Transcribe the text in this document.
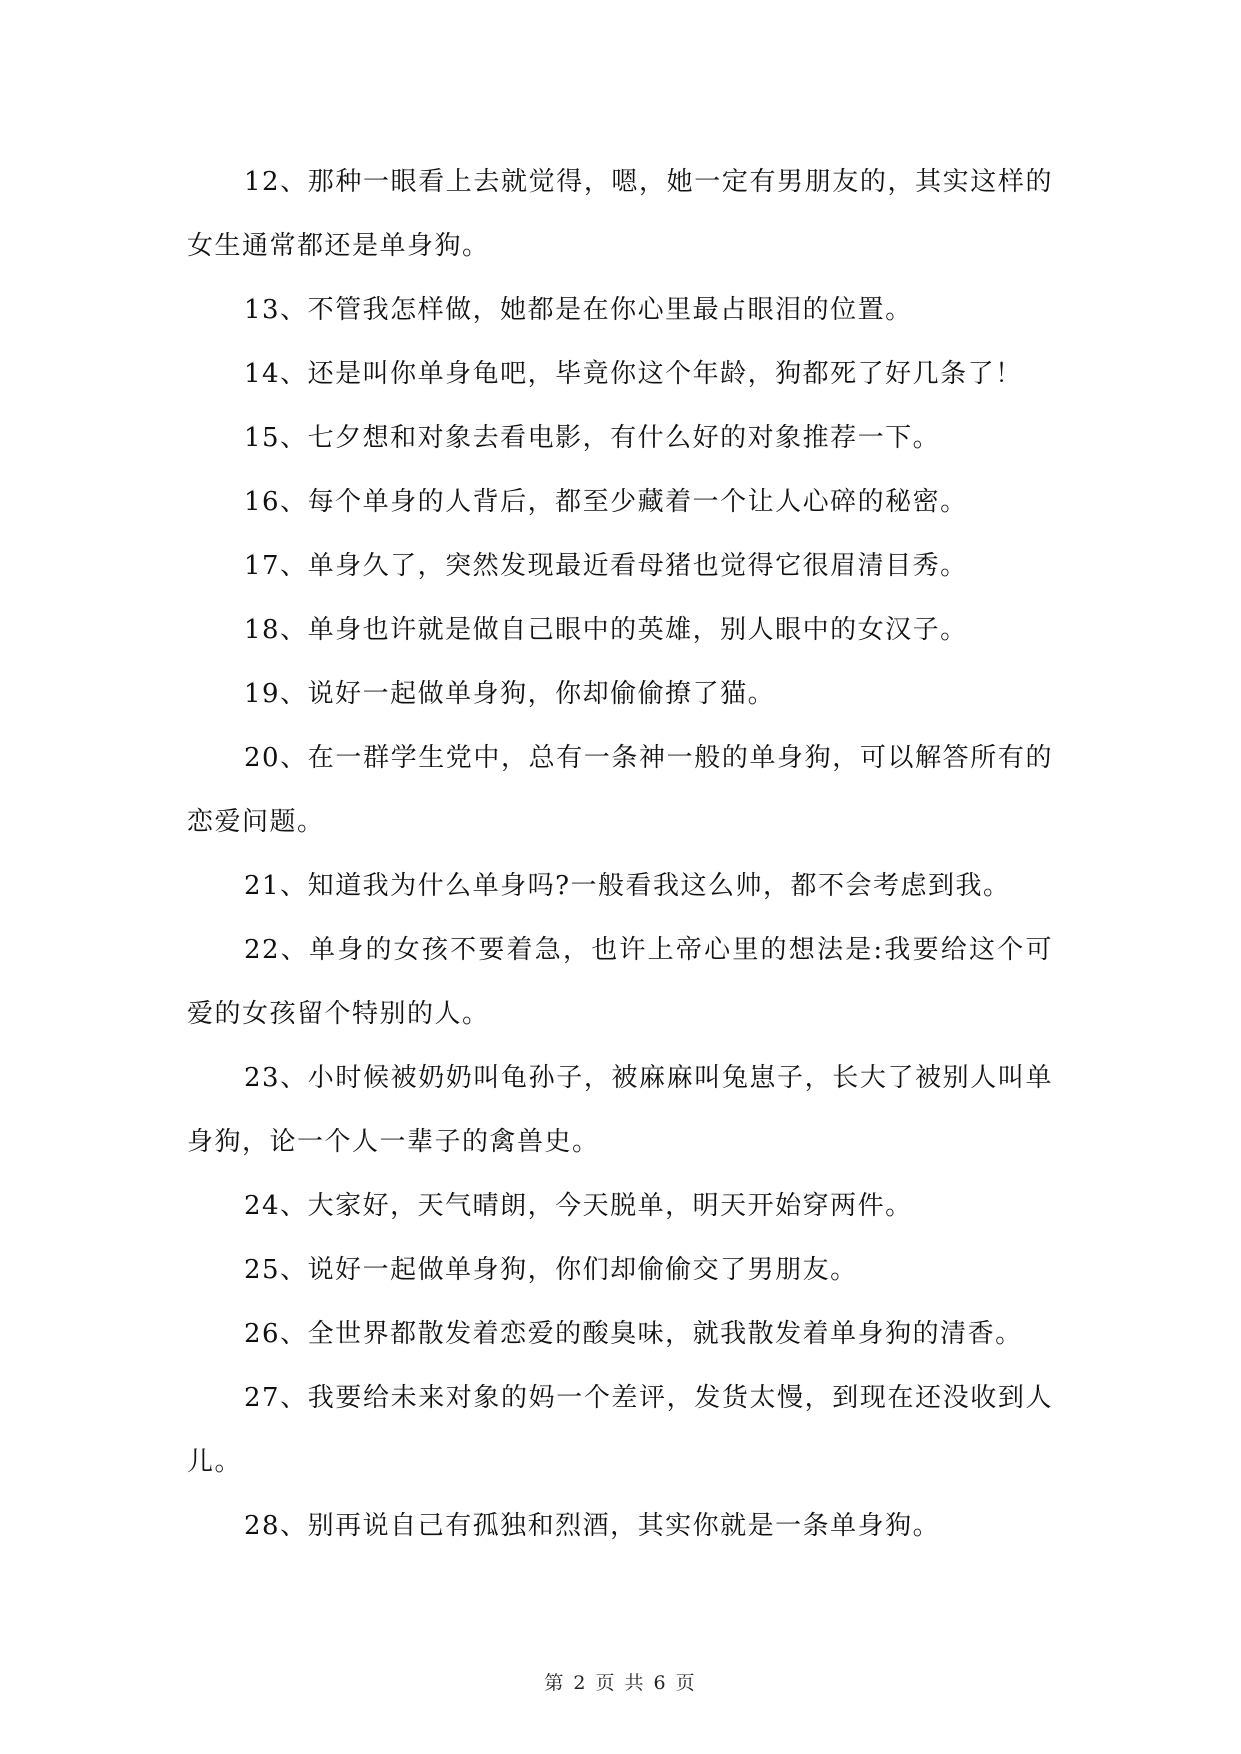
12、那种一眼看上去就觉得，嗯，她一定有男朋友的，其实这样的女生通常都还是单身狗。

13、不管我怎样做，她都是在你心里最占眼泪的位置。

14、还是叫你单身龟吧，毕竟你这个年龄，狗都死了好几条了！

15、七夕想和对象去看电影，有什么好的对象推荐一下。

16、每个单身的人背后，都至少藏着一个让人心碎的秘密。

17、单身久了，突然发现最近看母猪也觉得它很眉清目秀。

18、单身也许就是做自己眼中的英雄，别人眼中的女汉子。

19、说好一起做单身狗，你却偷偷撩了猫。

20、在一群学生党中，总有一条神一般的单身狗，可以解答所有的恋爱问题。

21、知道我为什么单身吗?一般看我这么帅，都不会考虑到我。

22、单身的女孩不要着急，也许上帝心里的想法是:我要给这个可爱的女孩留个特别的人。

23、小时候被奶奶叫龟孙子，被麻麻叫兔崽子，长大了被别人叫单身狗，论一个人一辈子的禽兽史。

24、大家好，天气晴朗，今天脱单，明天开始穿两件。

25、说好一起做单身狗，你们却偷偷交了男朋友。

26、全世界都散发着恋爱的酸臭味，就我散发着单身狗的清香。

27、我要给未来对象的妈一个差评，发货太慢，到现在还没收到人儿。

28、别再说自己有孤独和烈酒，其实你就是一条单身狗。

第 2 页 共 6 页
